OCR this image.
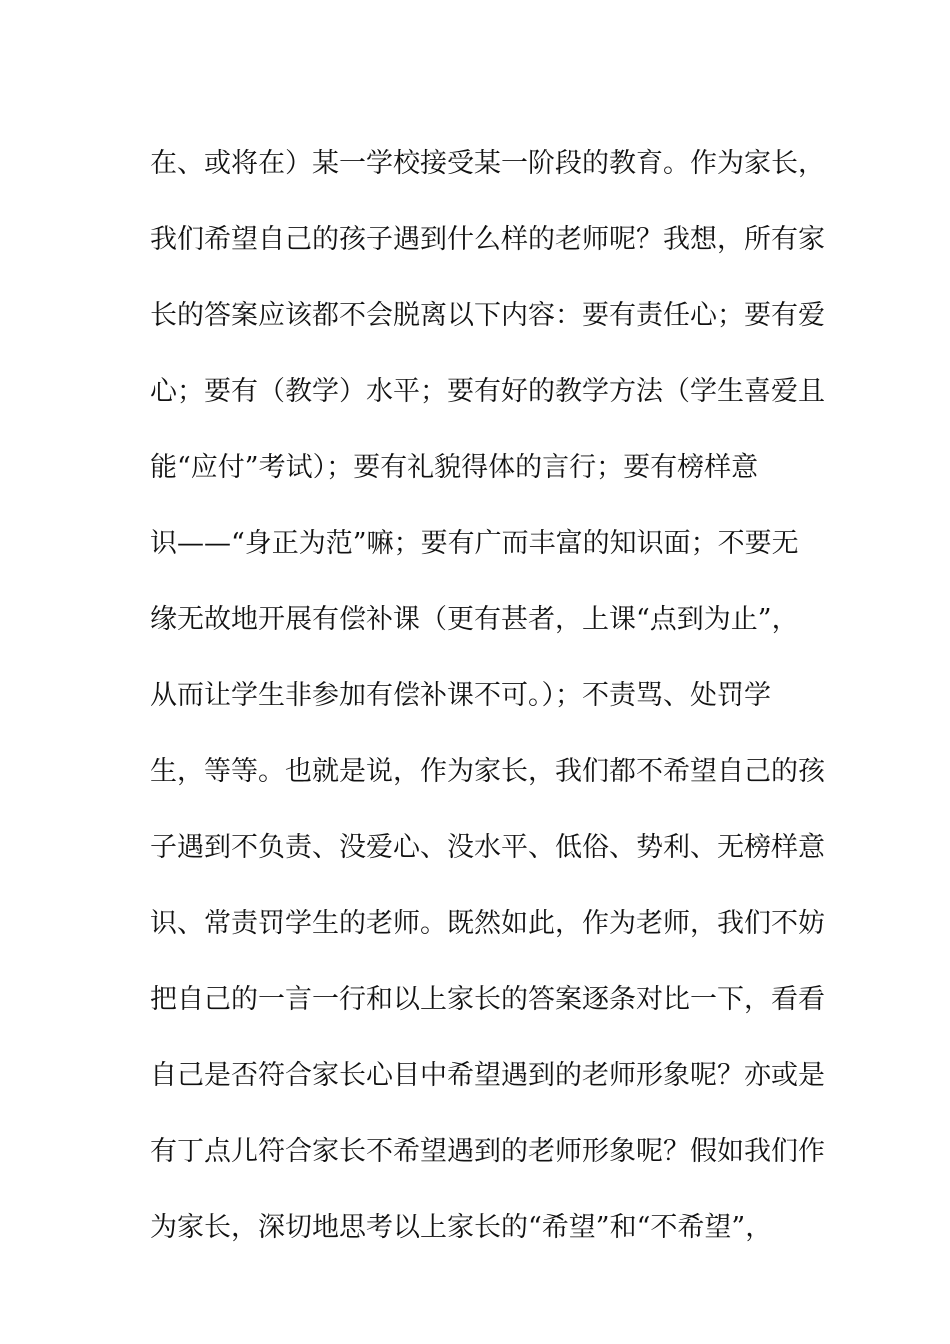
在、或将在）某一学校接受某一阶段的教育。作为家长，
我们希望自己的孩子遇到什么样的老师呢？我想，所有家
长的答案应该都不会脱离以下内容：要有责任心；要有爱
心；要有（教学）水平；要有好的教学方法（学生喜爱且
能“应付”考试）；要有礼貌得体的言行；要有榜样意
识——“身正为范”嘛；要有广而丰富的知识面；不要无
缘无故地开展有偿补课（更有甚者，上课“点到为止”，
从而让学生非参加有偿补课不可。）；不责骂、处罚学
生，等等。也就是说，作为家长，我们都不希望自己的孩
子遇到不负责、没爱心、没水平、低俗、势利、无榜样意
识、常责罚学生的老师。既然如此，作为老师，我们不妨
把自己的一言一行和以上家长的答案逐条对比一下，看看
自己是否符合家长心目中希望遇到的老师形象呢？亦或是
有丁点儿符合家长不希望遇到的老师形象呢？假如我们作
为家长，深切地思考以上家长的“希望”和“不希望”，
